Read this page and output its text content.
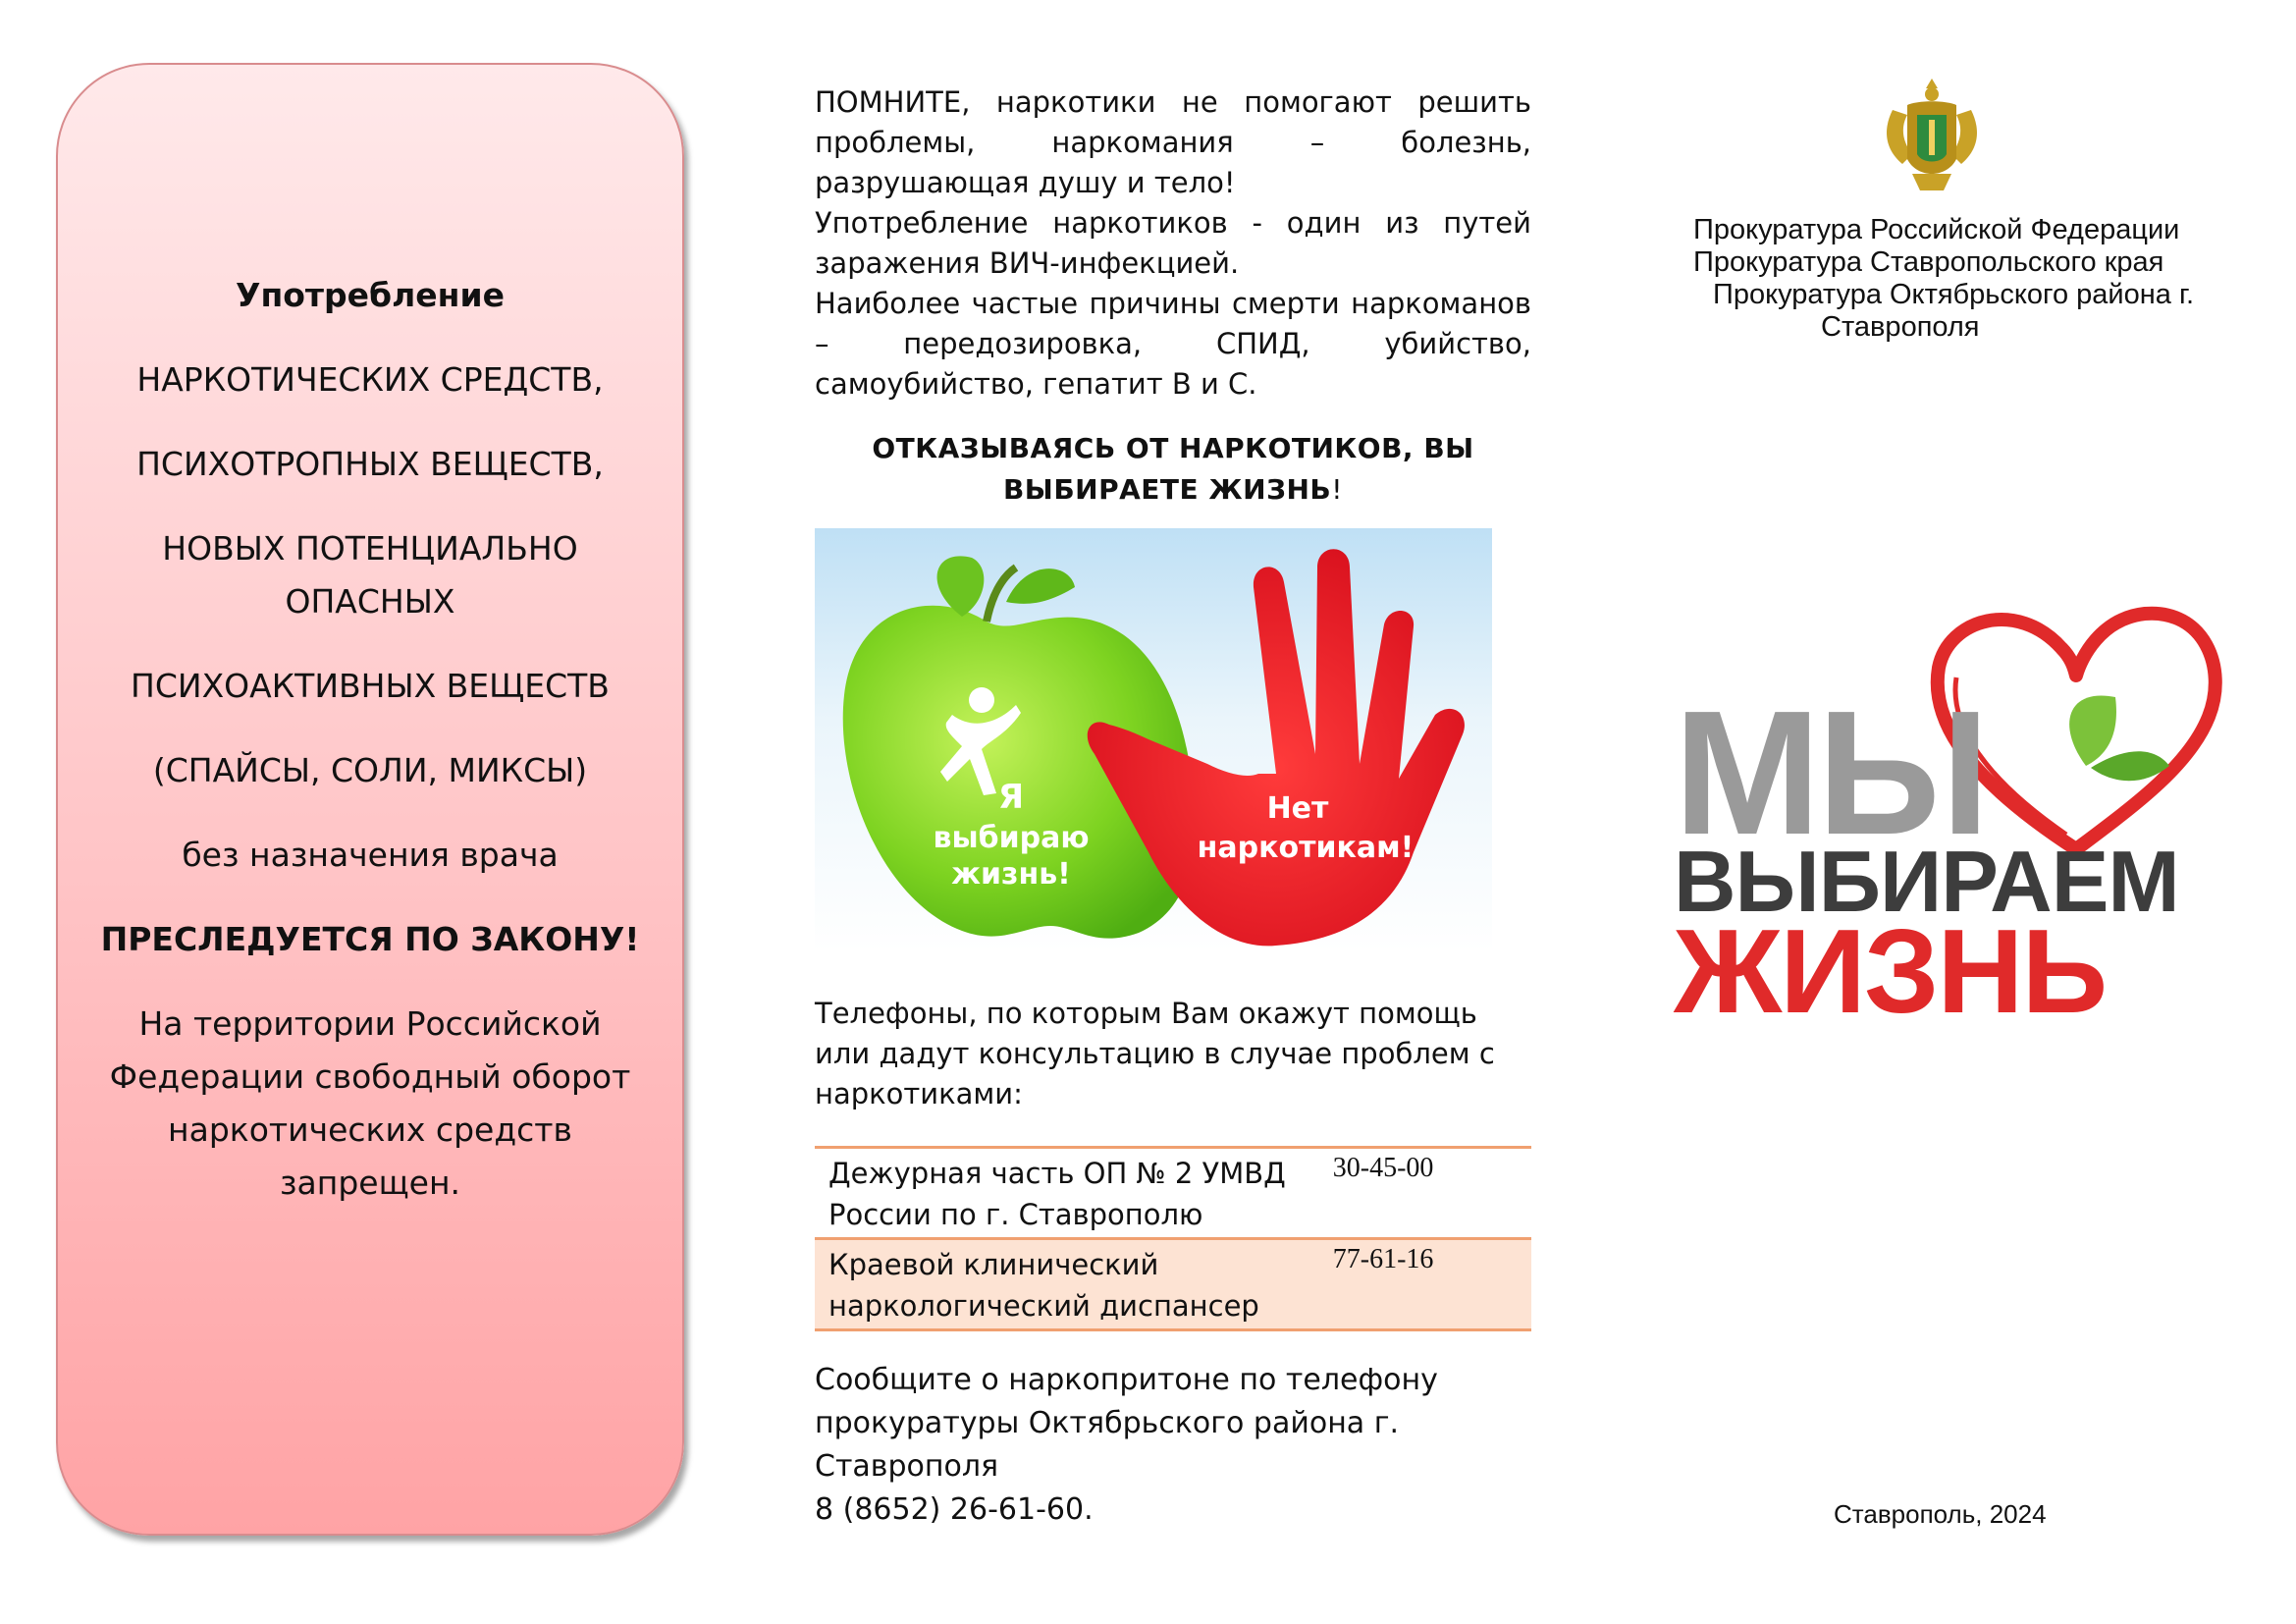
Употребление

НАРКОТИЧЕСКИХ СРЕДСТВ,

ПСИХОТРОПНЫХ ВЕЩЕСТВ,

НОВЫХ ПОТЕНЦИАЛЬНО
ОПАСНЫХ

ПСИХОАКТИВНЫХ ВЕЩЕСТВ

(СПАЙСЫ, СОЛИ, МИКСЫ)

без назначения врача

ПРЕСЛЕДУЕТСЯ ПО ЗАКОНУ!

На территории Российской
Федерации свободный оборот
наркотических средств
запрещен.

ПОМНИТЕ, наркотики не помогают решить проблемы, наркомания – болезнь, разрушающая душу и тело!

Употребление наркотиков - один из путей заражения ВИЧ-инфекцией.

Наиболее частые причины смерти наркоманов – передозировка, СПИД, убийство, самоубийство, гепатит В и С.

ОТКАЗЫВАЯСЬ ОТ НАРКОТИКОВ, ВЫ
ВЫБИРАЕТЕ ЖИЗНЬ!
Я
выбираю
жизнь!
Нет
наркотикам!

Телефоны, по которым Вам окажут помощь или дадут консультацию в случае проблем с наркотиками:

Дежурная часть ОП № 2 УМВД
России по г. Ставрополю	30-45-00
Краевой клинический
наркологический диспансер	77-61-16

Сообщите о наркопритоне по телефону
прокуратуры Октябрьского района г. Ставрополя
8 (8652) 26-61-60.

Прокуратура Российской Федерации
Прокуратура Ставропольского края
Прокуратура Октябрьского района г.
Ставрополя
МЫ
ВЫБИРАЕМ
ЖИЗНЬ
Ставрополь, 2024
